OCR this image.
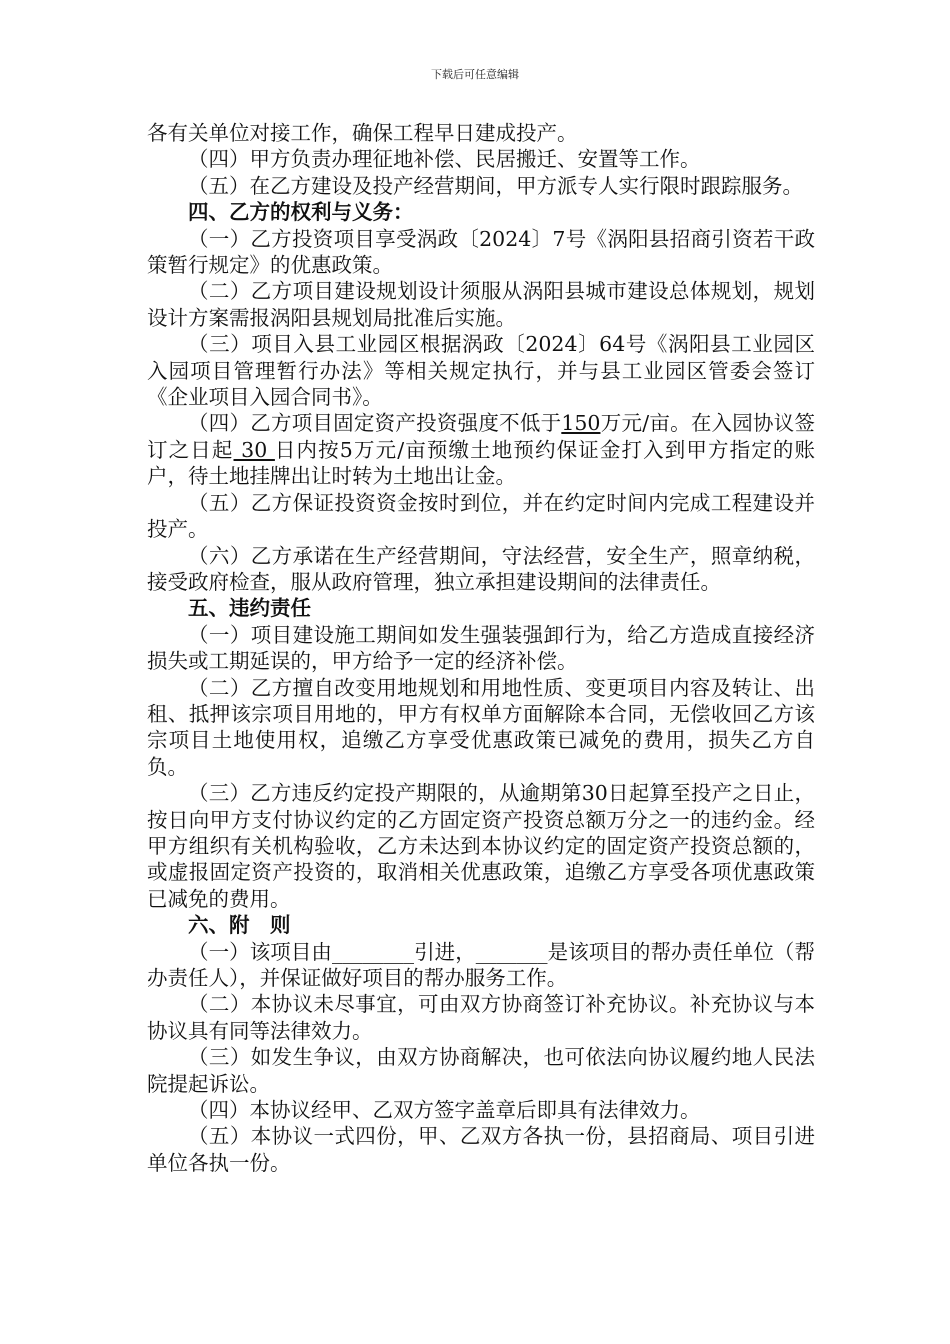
下载后可任意编辑
各有关单位对接工作，确保工程早日建成投产。
（四）甲方负责办理征地补偿、民居搬迁、安置等工作。
（五）在乙方建设及投产经营期间，甲方派专人实行限时跟踪服务。
四、乙方的权利与义务：
（一）乙方投资项目享受涡政〔2024〕7号《涡阳县招商引资若干政策暂行规定》的优惠政策。
（二）乙方项目建设规划设计须服从涡阳县城市建设总体规划，规划设计方案需报涡阳县规划局批准后实施。
（三）项目入县工业园区根据涡政〔2024〕64号《涡阳县工业园区入园项目管理暂行办法》等相关规定执行，并与县工业园区管委会签订《企业项目入园合同书》。
（四）乙方项目固定资产投资强度不低于150万元/亩。在入园协议签订之日起 30 日内按5万元/亩预缴土地预约保证金打入到甲方指定的账户，待土地挂牌出让时转为土地出让金。
（五）乙方保证投资资金按时到位，并在约定时间内完成工程建设并投产。
（六）乙方承诺在生产经营期间，守法经营，安全生产，照章纳税，接受政府检查，服从政府管理，独立承担建设期间的法律责任。
五、违约责任
（一）项目建设施工期间如发生强装强卸行为，给乙方造成直接经济损失或工期延误的，甲方给予一定的经济补偿。
（二）乙方擅自改变用地规划和用地性质、变更项目内容及转让、出租、抵押该宗项目用地的，甲方有权单方面解除本合同，无偿收回乙方该宗项目土地使用权，追缴乙方享受优惠政策已减免的费用，损失乙方自负。
（三）乙方违反约定投产期限的，从逾期第30日起算至投产之日止，按日向甲方支付协议约定的乙方固定资产投资总额万分之一的违约金。经甲方组织有关机构验收，乙方未达到本协议约定的固定资产投资总额的，或虚报固定资产投资的，取消相关优惠政策，追缴乙方享受各项优惠政策已减免的费用。
六、附　则
（一）该项目由________引进，_______是该项目的帮办责任单位（帮办责任人），并保证做好项目的帮办服务工作。
（二）本协议未尽事宜，可由双方协商签订补充协议。补充协议与本协议具有同等法律效力。
（三）如发生争议，由双方协商解决，也可依法向协议履约地人民法院提起诉讼。
（四）本协议经甲、乙双方签字盖章后即具有法律效力。
（五）本协议一式四份，甲、乙双方各执一份，县招商局、项目引进单位各执一份。
